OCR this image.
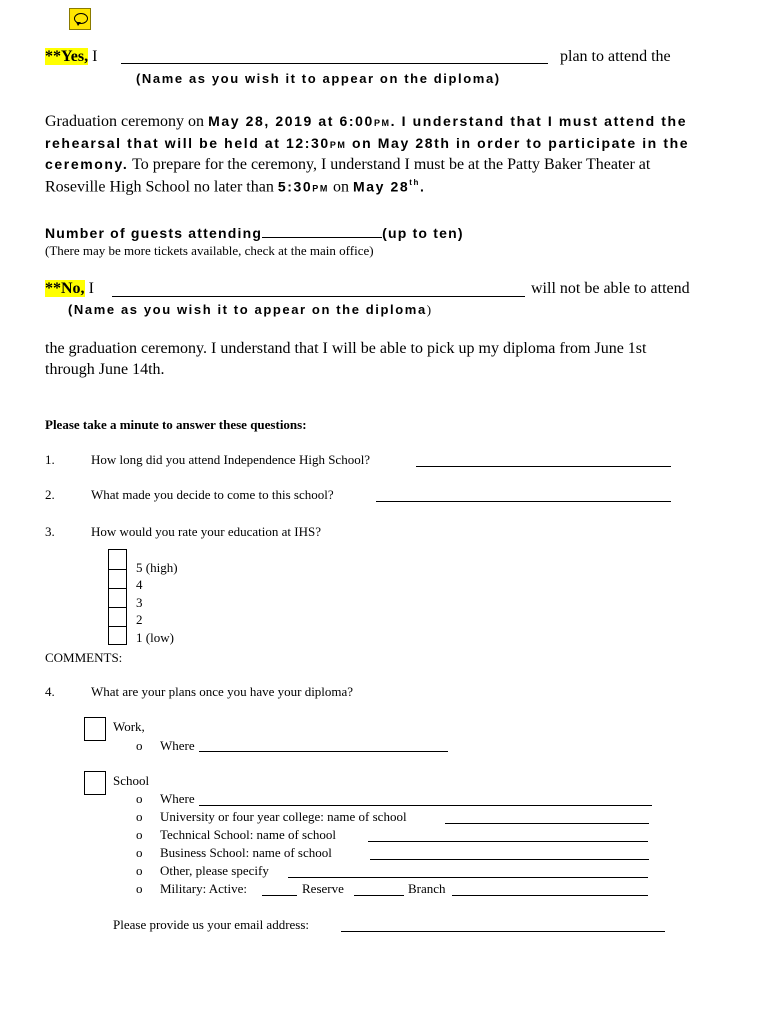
**Yes, I	plan to attend the
(Name as you wish it to appear on the diploma)
Graduation ceremony on May 28, 2019 at 6:00PM. I understand that I must attend the
rehearsal that will be held at 12:30PM on May 28th in order to participate in the
ceremony. To prepare for the ceremony, I understand I must be at the Patty Baker Theater at
Roseville High School no later than 5:30PM on May 28th.
Number of guests attending	(up to ten)
(There may be more tickets available, check at the main office)
**No, I	will not be able to attend
(Name as you wish it to appear on the diploma)
the graduation ceremony. I understand that I will be able to pick up my diploma from June 1st
through June 14th.
Please take a minute to answer these questions:
1.	How long did you attend Independence High School?
2.	What made you decide to come to this school?
3.	How would you rate your education at IHS?
5 (high)
4
3
2
1 (low)
COMMENTS:
4.	What are your plans once you have your diploma?
Work,
o Where
School
o Where
o University or four year college: name of school
o Technical School: name of school
o Business School: name of school
o Other, please specify
o Military: Active:	Reserve	Branch
Please provide us your email address:
